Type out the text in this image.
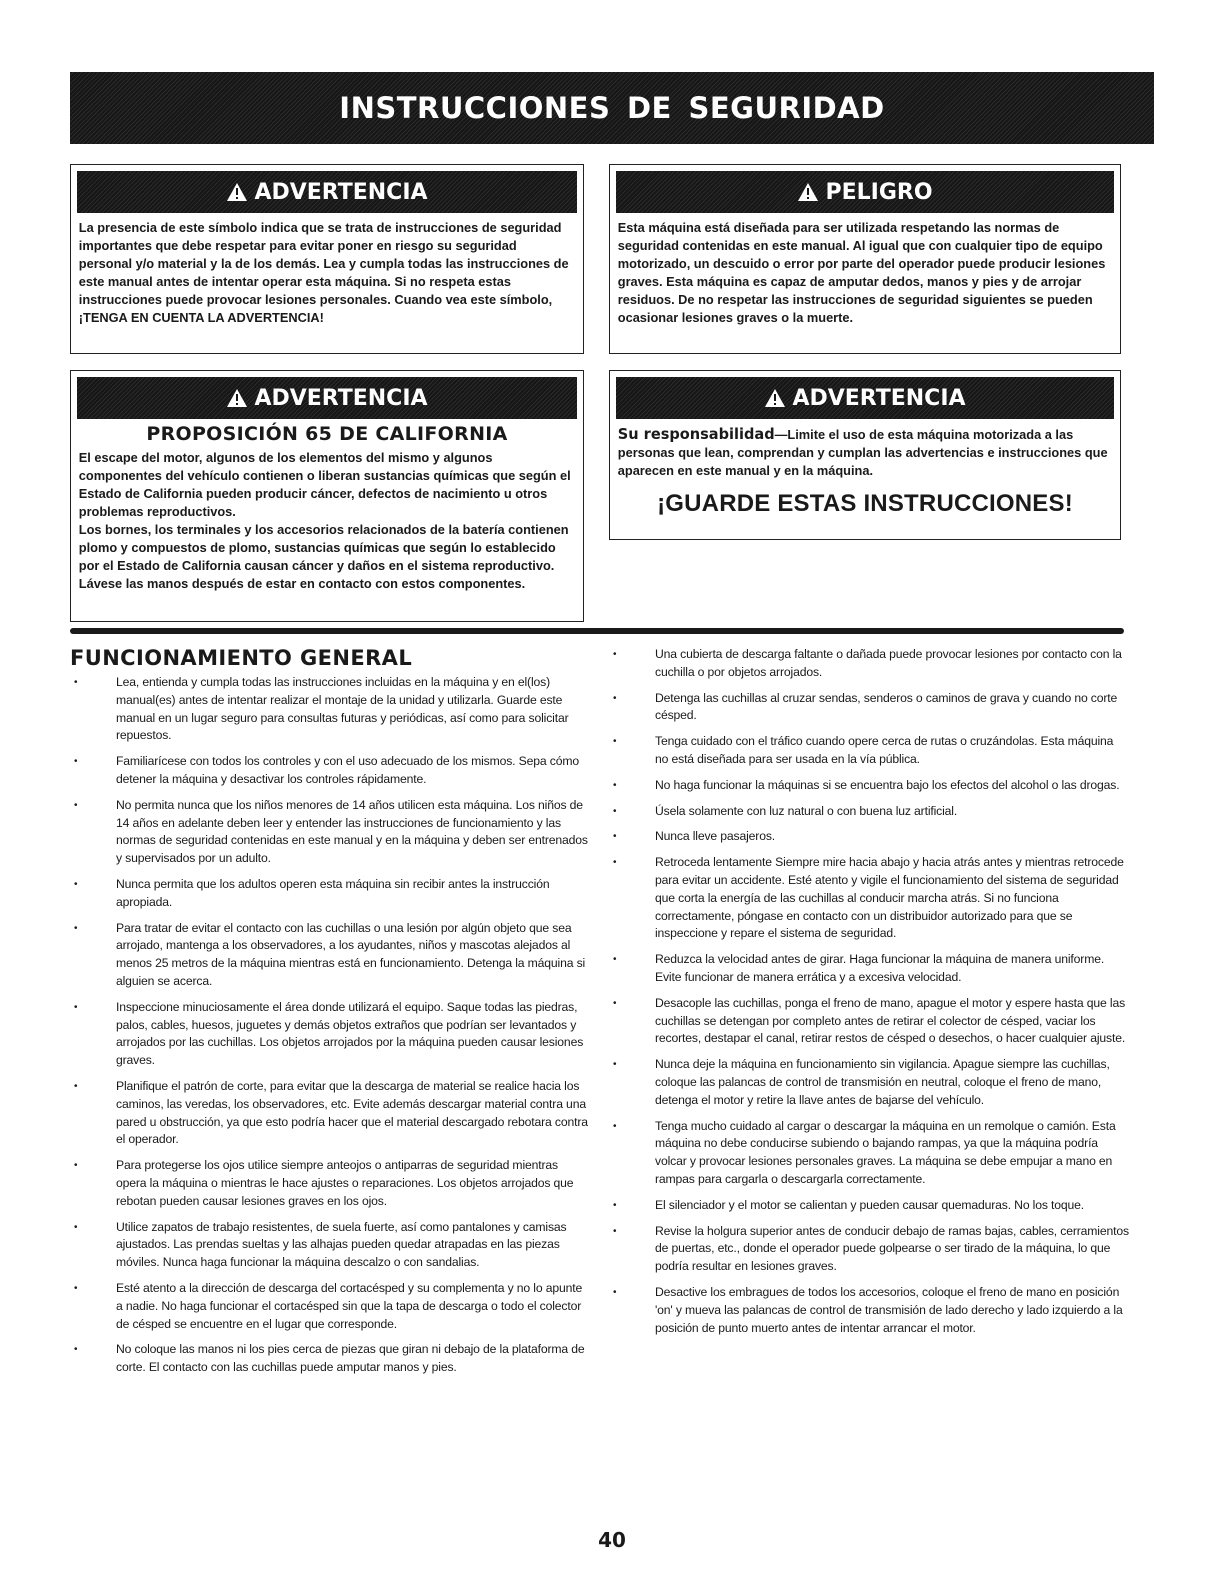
INSTRUCCIONES DE SEGURIDAD
ADVERTENCIA

La presencia de este símbolo indica que se trata de instrucciones de seguridad importantes que debe respetar para evitar poner en riesgo su seguridad personal y/o material y la de los demás. Lea y cumpla todas las instrucciones de este manual antes de intentar operar esta máquina. Si no respeta estas instrucciones puede provocar lesiones personales. Cuando vea este símbolo, ¡TENGA EN CUENTA LA ADVERTENCIA!

PELIGRO

Esta máquina está diseñada para ser utilizada respetando las normas de seguridad contenidas en este manual. Al igual que con cualquier tipo de equipo motorizado, un descuido o error por parte del operador puede producir lesiones graves. Esta máquina es capaz de amputar dedos, manos y pies y de arrojar residuos. De no respetar las instrucciones de seguridad siguientes se pueden ocasionar lesiones graves o la muerte.

ADVERTENCIA
PROPOSICIÓN 65 DE CALIFORNIA

El escape del motor, algunos de los elementos del mismo y algunos componentes del vehículo contienen o liberan sustancias químicas que según el Estado de California pueden producir cáncer, defectos de nacimiento u otros problemas reproductivos.

Los bornes, los terminales y los accesorios relacionados de la batería contienen plomo y compuestos de plomo, sustancias químicas que según lo establecido por el Estado de California causan cáncer y daños en el sistema reproductivo. Lávese las manos después de estar en contacto con estos componentes.

ADVERTENCIA

Su responsabilidad—Limite el uso de esta máquina motorizada a las personas que lean, comprendan y cumplan las advertencias e instrucciones que aparecen en este manual y en la máquina.

¡GUARDE ESTAS INSTRUCCIONES!
FUNCIONAMIENTO GENERAL
• Lea, entienda y cumpla todas las instrucciones incluidas en la máquina y en el(los) manual(es) antes de intentar realizar el montaje de la unidad y utilizarla. Guarde este manual en un lugar seguro para consultas futuras y periódicas, así como para solicitar repuestos.
• Familiarícese con todos los controles y con el uso adecuado de los mismos. Sepa cómo detener la máquina y desactivar los controles rápidamente.
• No permita nunca que los niños menores de 14 años utilicen esta máquina. Los niños de 14 años en adelante deben leer y entender las instrucciones de funcionamiento y las normas de seguridad contenidas en este manual y en la máquina y deben ser entrenados y supervisados por un adulto.
• Nunca permita que los adultos operen esta máquina sin recibir antes la instrucción apropiada.
• Para tratar de evitar el contacto con las cuchillas o una lesión por algún objeto que sea arrojado, mantenga a los observadores, a los ayudantes, niños y mascotas alejados al menos 25 metros de la máquina mientras está en funcionamiento. Detenga la máquina si alguien se acerca.
• Inspeccione minuciosamente el área donde utilizará el equipo. Saque todas las piedras, palos, cables, huesos, juguetes y demás objetos extraños que podrían ser levantados y arrojados por las cuchillas. Los objetos arrojados por la máquina pueden causar lesiones graves.
• Planifique el patrón de corte, para evitar que la descarga de material se realice hacia los caminos, las veredas, los observadores, etc. Evite además descargar material contra una pared u obstrucción, ya que esto podría hacer que el material descargado rebotara contra el operador.
• Para protegerse los ojos utilice siempre anteojos o antiparras de seguridad mientras opera la máquina o mientras le hace ajustes o reparaciones. Los objetos arrojados que rebotan pueden causar lesiones graves en los ojos.
• Utilice zapatos de trabajo resistentes, de suela fuerte, así como pantalones y camisas ajustados. Las prendas sueltas y las alhajas pueden quedar atrapadas en las piezas móviles. Nunca haga funcionar la máquina descalzo o con sandalias.
• Esté atento a la dirección de descarga del cortacésped y su complementa y no lo apunte a nadie. No haga funcionar el cortacésped sin que la tapa de descarga o todo el colector de césped se encuentre en el lugar que corresponde.
• No coloque las manos ni los pies cerca de piezas que giran ni debajo de la plataforma de corte. El contacto con las cuchillas puede amputar manos y pies.
• Una cubierta de descarga faltante o dañada puede provocar lesiones por contacto con la cuchilla o por objetos arrojados.
• Detenga las cuchillas al cruzar sendas, senderos o caminos de grava y cuando no corte césped.
• Tenga cuidado con el tráfico cuando opere cerca de rutas o cruzándolas. Esta máquina no está diseñada para ser usada en la vía pública.
• No haga funcionar la máquinas si se encuentra bajo los efectos del alcohol o las drogas.
• Úsela solamente con luz natural o con buena luz artificial.
• Nunca lleve pasajeros.
• Retroceda lentamente Siempre mire hacia abajo y hacia atrás antes y mientras retrocede para evitar un accidente. Esté atento y vigile el funcionamiento del sistema de seguridad que corta la energía de las cuchillas al conducir marcha atrás. Si no funciona correctamente, póngase en contacto con un distribuidor autorizado para que se inspeccione y repare el sistema de seguridad.
• Reduzca la velocidad antes de girar. Haga funcionar la máquina de manera uniforme. Evite funcionar de manera errática y a excesiva velocidad.
• Desacople las cuchillas, ponga el freno de mano, apague el motor y espere hasta que las cuchillas se detengan por completo antes de retirar el colector de césped, vaciar los recortes, destapar el canal, retirar restos de césped o desechos, o hacer cualquier ajuste.
• Nunca deje la máquina en funcionamiento sin vigilancia. Apague siempre las cuchillas, coloque las palancas de control de transmisión en neutral, coloque el freno de mano, detenga el motor y retire la llave antes de bajarse del vehículo.
• Tenga mucho cuidado al cargar o descargar la máquina en un remolque o camión. Esta máquina no debe conducirse subiendo o bajando rampas, ya que la máquina podría volcar y provocar lesiones personales graves. La máquina se debe empujar a mano en rampas para cargarla o descargarla correctamente.
• El silenciador y el motor se calientan y pueden causar quemaduras. No los toque.
• Revise la holgura superior antes de conducir debajo de ramas bajas, cables, cerramientos de puertas, etc., donde el operador puede golpearse o ser tirado de la máquina, lo que podría resultar en lesiones graves.
• Desactive los embragues de todos los accesorios, coloque el freno de mano en posición 'on' y mueva las palancas de control de transmisión de lado derecho y lado izquierdo a la posición de punto muerto antes de intentar arrancar el motor.
40
